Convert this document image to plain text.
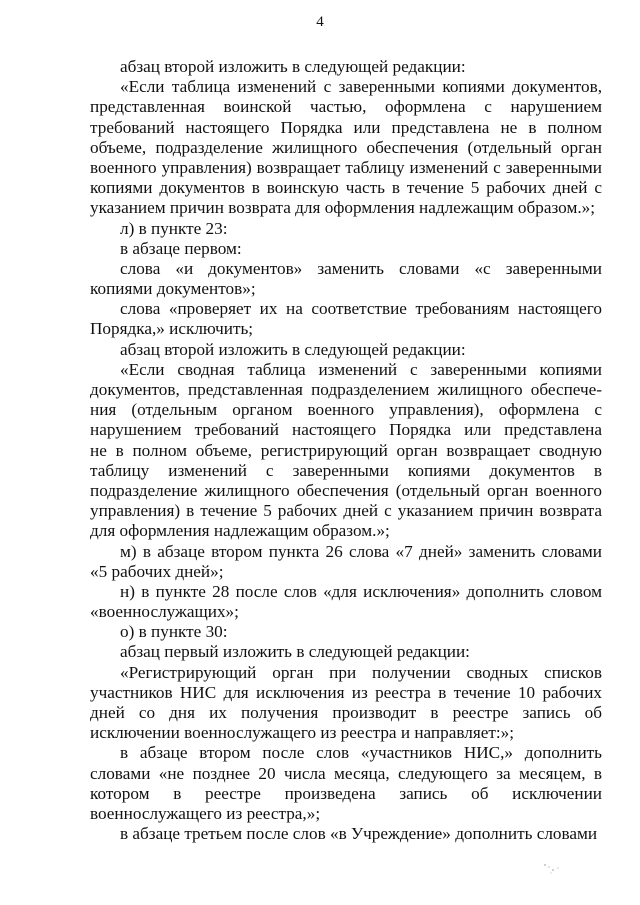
4
абзац второй изложить в следующей редакции:
«Если таблица изменений с заверенными копиями документов,
представленная воинской частью, оформлена с нарушением
требований настоящего Порядка или представлена не в полном
объеме, подразделение жилищного обеспечения (отдельный орган
военного управления) возвращает таблицу изменений с заверенными
копиями документов в воинскую часть в течение 5 рабочих дней с
указанием причин возврата для оформления надлежащим образом.»;
л) в пункте 23:
в абзаце первом:
слова «и документов» заменить словами «с заверенными
копиями документов»;
слова «проверяет их на соответствие требованиям настоящего
Порядка,» исключить;
абзац второй изложить в следующей редакции:
«Если сводная таблица изменений с заверенными копиями
документов, представленная подразделением жилищного обеспече-
ния (отдельным органом военного управления), оформлена с
нарушением требований настоящего Порядка или представлена
не в полном объеме, регистрирующий орган возвращает сводную
таблицу изменений с заверенными копиями документов в
подразделение жилищного обеспечения (отдельный орган военного
управления) в течение 5 рабочих дней с указанием причин возврата
для оформления надлежащим образом.»;
м) в абзаце втором пункта 26 слова «7 дней» заменить словами
«5 рабочих дней»;
н) в пункте 28 после слов «для исключения» дополнить словом
«военнослужащих»;
о) в пункте 30:
абзац первый изложить в следующей редакции:
«Регистрирующий орган при получении сводных списков
участников НИС для исключения из реестра в течение 10 рабочих
дней со дня их получения производит в реестре запись об
исключении военнослужащего из реестра и направляет:»;
в абзаце втором после слов «участников НИС,» дополнить
словами «не позднее 20 числа месяца, следующего за месяцем, в
котором в реестре произведена запись об исключении
военнослужащего из реестра,»;
в абзаце третьем после слов «в Учреждение» дополнить словами
